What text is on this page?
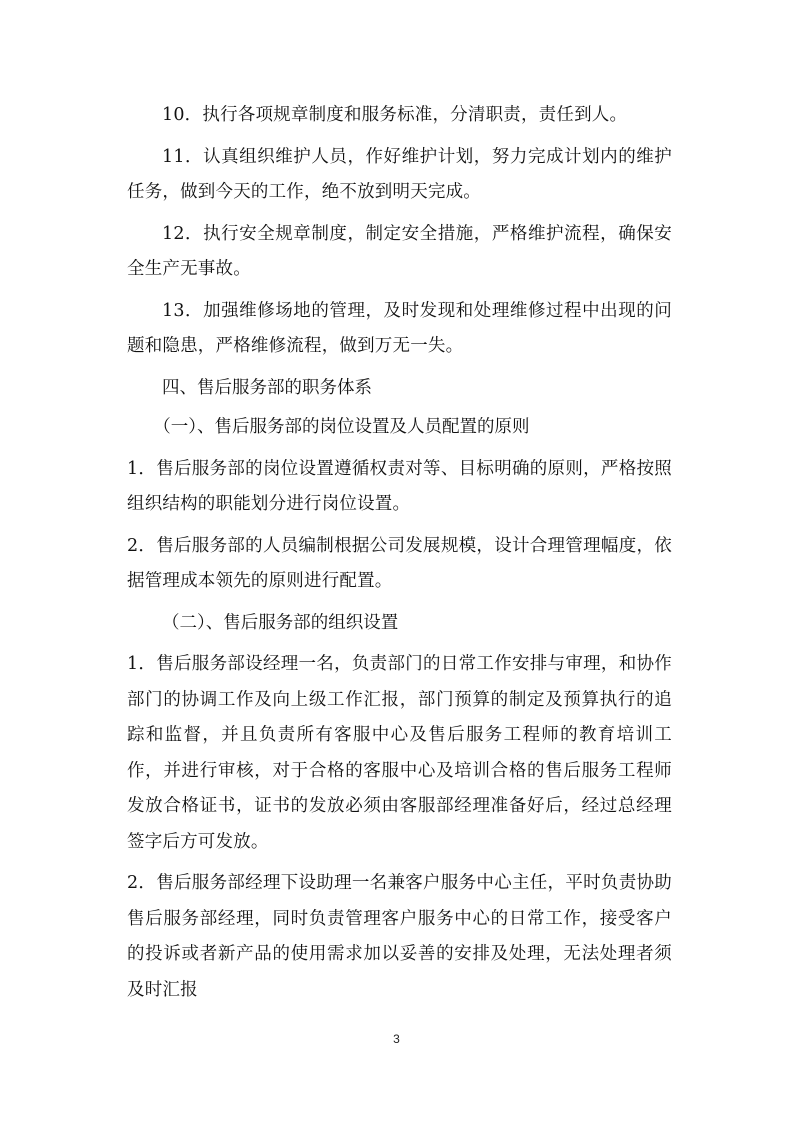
10．执行各项规章制度和服务标准，分清职责，责任到人。

11．认真组织维护人员，作好维护计划，努力完成计划内的维护任务，做到今天的工作，绝不放到明天完成。

12．执行安全规章制度，制定安全措施，严格维护流程，确保安全生产无事故。

13．加强维修场地的管理，及时发现和处理维修过程中出现的问题和隐患，严格维修流程，做到万无一失。

四、售后服务部的职务体系

（一）、售后服务部的岗位设置及人员配置的原则

1．售后服务部的岗位设置遵循权责对等、目标明确的原则，严格按照组织结构的职能划分进行岗位设置。

2．售后服务部的人员编制根据公司发展规模，设计合理管理幅度，依据管理成本领先的原则进行配置。

（二）、售后服务部的组织设置

1．售后服务部设经理一名，负责部门的日常工作安排与审理，和协作部门的协调工作及向上级工作汇报，部门预算的制定及预算执行的追踪和监督，并且负责所有客服中心及售后服务工程师的教育培训工作，并进行审核，对于合格的客服中心及培训合格的售后服务工程师发放合格证书，证书的发放必须由客服部经理准备好后，经过总经理签字后方可发放。

2．售后服务部经理下设助理一名兼客户服务中心主任，平时负责协助售后服务部经理，同时负责管理客户服务中心的日常工作，接受客户的投诉或者新产品的使用需求加以妥善的安排及处理，无法处理者须及时汇报

3
